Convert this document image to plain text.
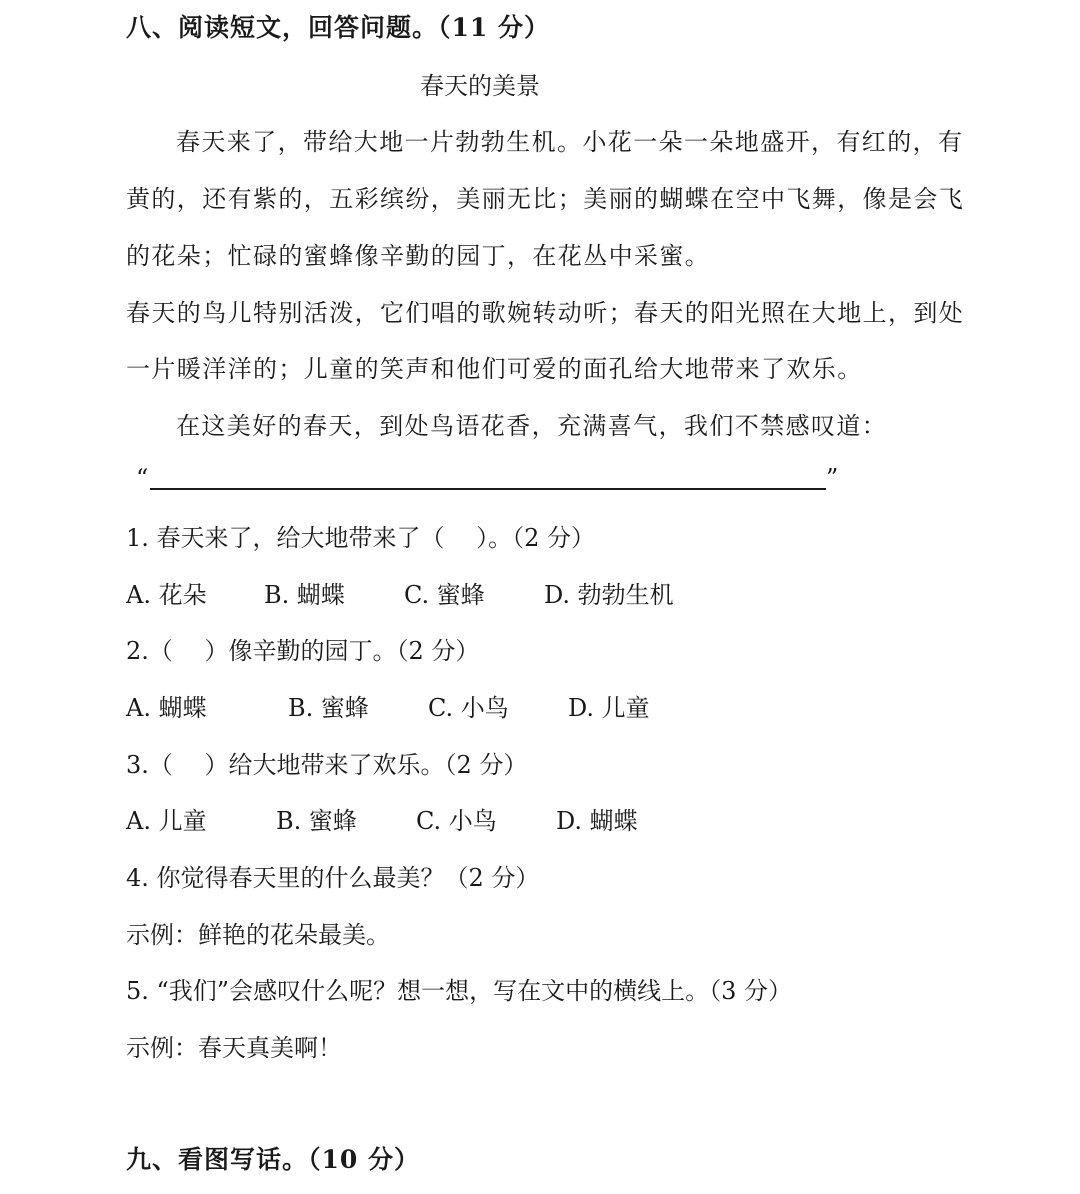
八、阅读短文，回答问题。（11 分）
春天的美景
春天来了，带给大地一片勃勃生机。小花一朵一朵地盛开，有红的，有
黄的，还有紫的，五彩缤纷，美丽无比；美丽的蝴蝶在空中飞舞，像是会飞
的花朵；忙碌的蜜蜂像辛勤的园丁，在花丛中采蜜。
春天的鸟儿特别活泼，它们唱的歌婉转动听；春天的阳光照在大地上，到处
一片暖洋洋的；儿童的笑声和他们可爱的面孔给大地带来了欢乐。
在这美好的春天，到处鸟语花香，充满喜气，我们不禁感叹道：
“	”
1. 春天来了，给大地带来了（　 ）。（2 分）
A. 花朵	B. 蝴蝶	C. 蜜蜂	D. 勃勃生机
2.（　 ）像辛勤的园丁。（2 分）
A. 蝴蝶	B. 蜜蜂	C. 小鸟	D. 儿童
3.（　 ）给大地带来了欢乐。（2 分）
A. 儿童	B. 蜜蜂	C. 小鸟	D. 蝴蝶
4. 你觉得春天里的什么最美？（2 分）
示例：鲜艳的花朵最美。
5. “我们”会感叹什么呢？想一想，写在文中的横线上。（3 分）
示例：春天真美啊！
九、看图写话。（10 分）
